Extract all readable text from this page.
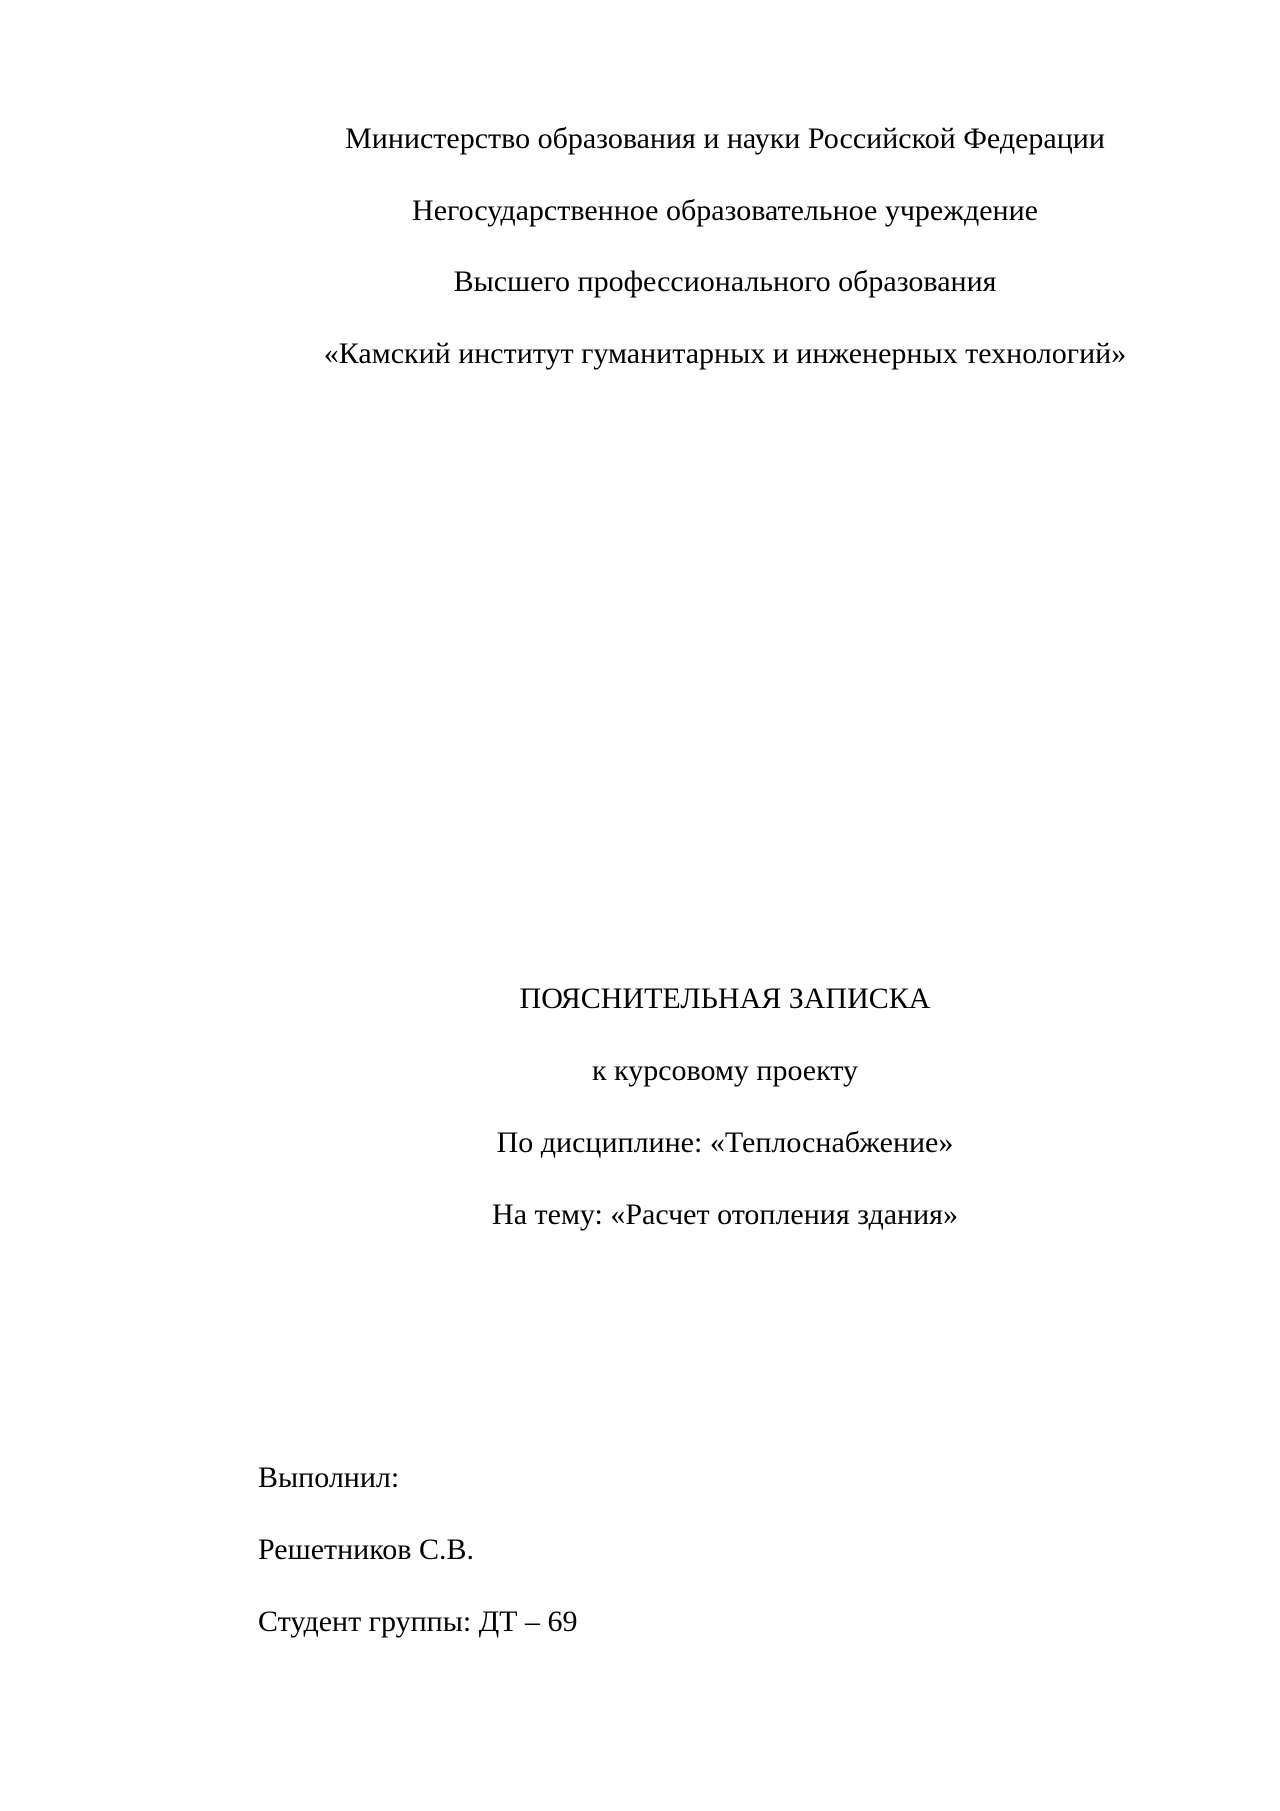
Министерство образования и науки Российской Федерации

Негосударственное образовательное учреждение

Высшего профессионального образования

«Камский институт гуманитарных и инженерных технологий»

ПОЯСНИТЕЛЬНАЯ ЗАПИСКА

к курсовому проекту

По дисциплине: «Теплоснабжение»

На тему: «Расчет отопления здания»

Выполнил:

Решетников С.В.

Студент группы: ДТ – 69
